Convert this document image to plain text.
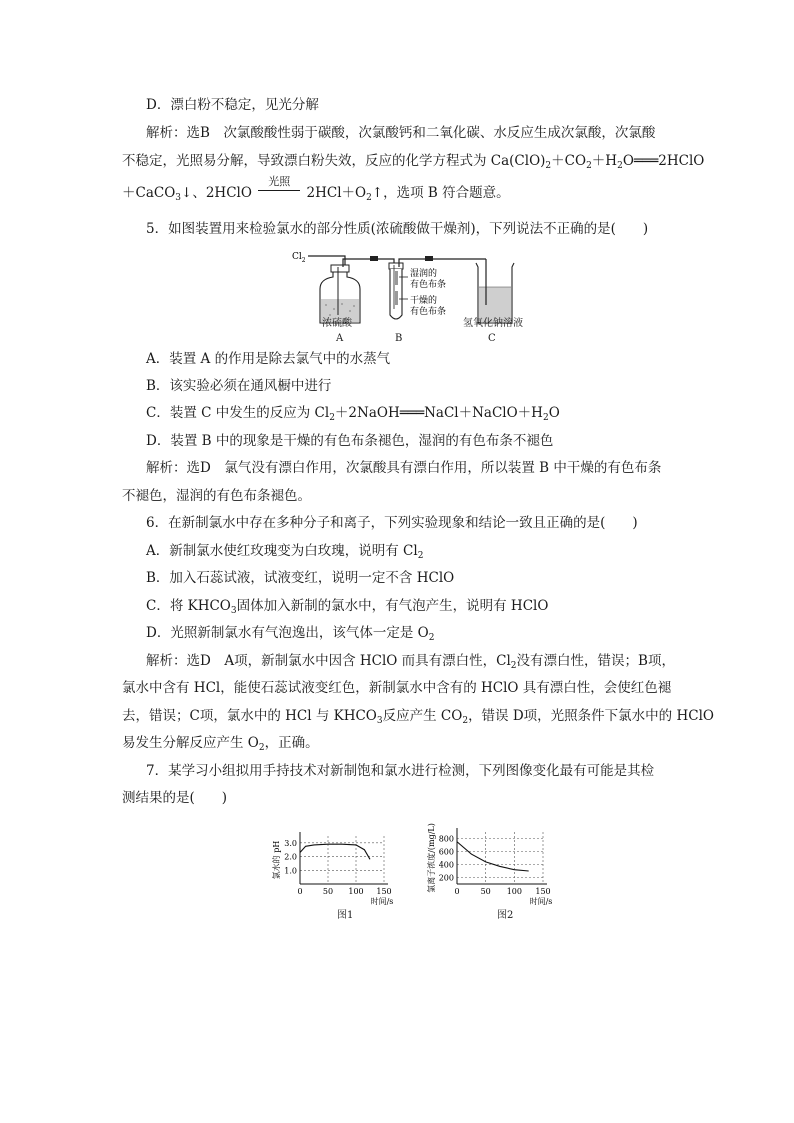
D．漂白粉不稳定，见光分解
解析：选B　次氯酸酸性弱于碳酸，次氯酸钙和二氧化碳、水反应生成次氯酸，次氯酸
不稳定，光照易分解，导致漂白粉失效，反应的化学方程式为 $Ca(ClO)_2+CO_2+H_2O═══2HClO$
＋CaCO$_3$↓、2HClO
光照
$2HCl+O_2↑$，选项 B 符合题意。
5．如图装置用来检验氯水的部分性质(浓硫酸做干燥剂)，下列说法不正确的是(　　)
$Cl_2$
湿润的
有色布条
干燥的
有色布条
浓硫酸
A	B
氢氧化钠溶液
C
A．装置 A 的作用是除去氯气中的水蒸气
B．该实验必须在通风橱中进行
C．装置 C 中发生的反应为 $Cl_2+2NaOH═══NaCl+NaClO+H_2O$
D．装置 B 中的现象是干燥的有色布条褪色，湿润的有色布条不褪色
解析：选D　氯气没有漂白作用，次氯酸具有漂白作用，所以装置 B 中干燥的有色布条
不褪色，湿润的有色布条褪色。
6．在新制氯水中存在多种分子和离子，下列实验现象和结论一致且正确的是(　　)
A．新制氯水使红玫瑰变为白玫瑰，说明有 $Cl_2$
B．加入石蕊试液，试液变红，说明一定不含 HClO
C．将 $KHCO_3$固体加入新制的氯水中，有气泡产生，说明有 HClO
D．光照新制氯水有气泡逸出，该气体一定是 $O_2$
解析：选D　A项，新制氯水中因含 HClO 而具有漂白性，$Cl_2$没有漂白性，错误；B项，
氯水中含有 HCl，能使石蕊试液变红色，新制氯水中含有的 HClO 具有漂白性，会使红色褪
去，错误；C项，氯水中的 HCl 与 $KHCO_3$反应产生 $CO_2$，错误 D项，光照条件下氯水中的 HClO
易发生分解反应产生 $O_2$，正确。
7．某学习小组拟用手持技术对新制饱和氯水进行检测，下列图像变化最有可能是其检
测结果的是(　　)
1.0
2.0
3.0
0	50 100 150
时间/s
氯水的 pH	200
400
600
800
0	50 100 150
时间/s
氯离子浓度/(mg/L)
图1	图2
